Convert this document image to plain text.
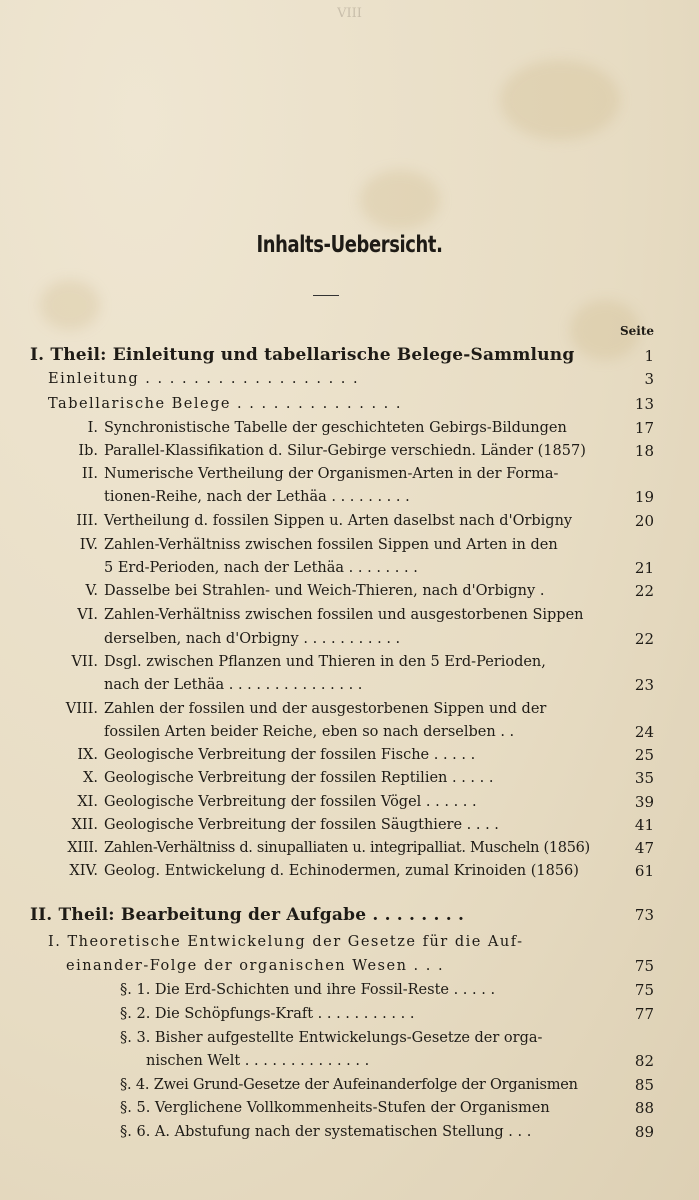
VIII
Inhalts-Uebersicht.
Seite
I. Theil: Einleitung und tabellarische Belege-Sammlung	1
Einleitung . . . . . . . . . . . . . . . . . .	3
Tabellarische Belege . . . . . . . . . . . . . .	13
I. Synchronistische Tabelle der geschichteten Gebirgs-Bildungen	17
Ib. Parallel-Klassifikation d. Silur-Gebirge verschiedn. Länder (1857)	18
II. Numerische Vertheilung der Organismen-Arten in der Forma-
tionen-Reihe, nach der Lethäa . . . . . . . . .	19
III. Vertheilung d. fossilen Sippen u. Arten daselbst nach d'Orbigny	20
IV. Zahlen-Verhältniss zwischen fossilen Sippen und Arten in den
5 Erd-Perioden, nach der Lethäa . . . . . . . .	21
V. Dasselbe bei Strahlen- und Weich-Thieren, nach d'Orbigny .	22
VI. Zahlen-Verhältniss zwischen fossilen und ausgestorbenen Sippen
derselben, nach d'Orbigny . . . . . . . . . . .	22
VII. Dsgl. zwischen Pflanzen und Thieren in den 5 Erd-Perioden,
nach der Lethäa . . . . . . . . . . . . . . .	23
VIII. Zahlen der fossilen und der ausgestorbenen Sippen und der
fossilen Arten beider Reiche, eben so nach derselben . .	24
IX. Geologische Verbreitung der fossilen Fische . . . . .	25
X. Geologische Verbreitung der fossilen Reptilien . . . . .	35
XI. Geologische Verbreitung der fossilen Vögel . . . . . .	39
XII. Geologische Verbreitung der fossilen Säugthiere . . . .	41
XIII. Zahlen-Verhältniss d. sinupalliaten u. integripalliat. Muscheln (1856)	47
XIV. Geolog. Entwickelung d. Echinodermen, zumal Krinoiden (1856)	61
II. Theil: Bearbeitung der Aufgabe . . . . . . . .	73
I. Theoretische Entwickelung der Gesetze für die Auf-
einander-Folge der organischen Wesen . . .	75
§. 1. Die Erd-Schichten und ihre Fossil-Reste . . . . .	75
§. 2. Die Schöpfungs-Kraft . . . . . . . . . . .	77
§. 3. Bisher aufgestellte Entwickelungs-Gesetze der orga-
nischen Welt . . . . . . . . . . . . . .	82
§. 4. Zwei Grund-Gesetze der Aufeinanderfolge der Organismen	85
§. 5. Verglichene Vollkommenheits-Stufen der Organismen	88
§. 6. A. Abstufung nach der systematischen Stellung . . .	89
